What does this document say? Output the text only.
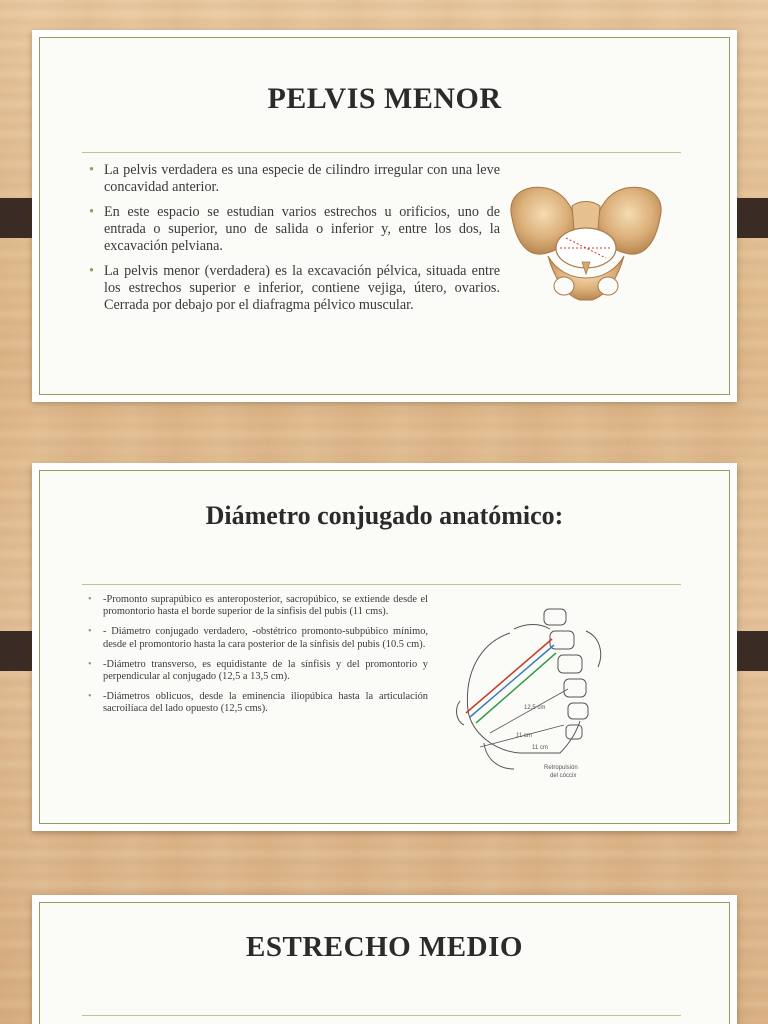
PELVIS MENOR
• La pelvis verdadera es una especie de cilindro irregular con una leve concavidad anterior.
• En este espacio se estudian varios estrechos u orificios, uno de entrada o superior, uno de salida o inferior y, entre los dos, la excavación pelviana.
• La pelvis menor (verdadera) es la excavación pélvica, situada entre los estrechos superior e inferior, contiene vejiga, útero, ovarios. Cerrada por debajo por el diafragma pélvico muscular.
Diámetro conjugado anatómico:
• -Promonto suprapúbico es anteroposterior, sacropúbico, se extiende desde el promontorio hasta el borde superior de la sínfisis del pubis (11 cms).
• - Diámetro conjugado verdadero, -obstétrico promonto-subpúbico mínimo, desde el promontorio hasta la cara posterior de la sínfisis del pubis (10.5 cm).
• -Diámetro transverso, es equidistante de la sínfisis y del promontorio y perpendicular al conjugado (12,5 a 13,5 cm).
• -Diámetros oblicuos, desde la eminencia iliopúbica hasta la articulación sacroilíaca del lado opuesto (12,5 cms).
11 cm
12,5 cm
11 cm
Retropulsión
del cóccix
ESTRECHO MEDIO
